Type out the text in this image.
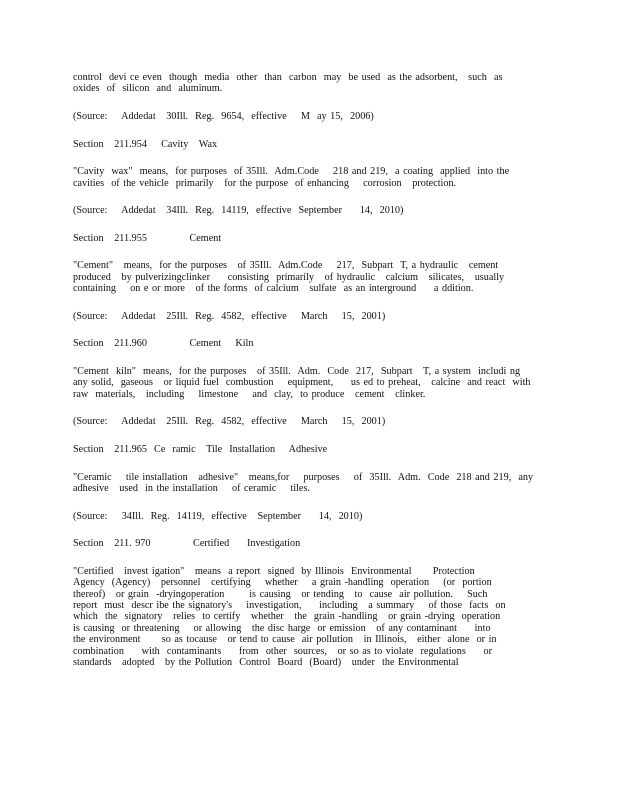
control  devi ce even  though  media  other  than  carbon  may  be used  as the adsorbent,   such  as
oxides  of  silicon  and  aluminum.
(Source:    Addedat   30Ill.  Reg.  9654,  effective    M  ay 15,  2006)
Section   211.954    Cavity   Wax
"Cavity  wax"  means,  for purposes  of 35Ill.  Adm.Code    218 and 219,  a coating  applied  into the
cavities  of the vehicle  primarily   for the purpose  of enhancing    corrosion   protection.
(Source:    Addedat   34Ill.  Reg.  14119,  effective  September     14,  2010)
Section   211.955            Cement
"Cement"   means,  for the purposes   of 35Ill.  Adm.Code    217,  Subpart  T, a hydraulic   cement
produced   by pulverizingclinker     consisting  primarily   of hydraulic   calcium   silicates,   usually
containing    on e or more   of the forms  of calcium   sulfate  as an interground     a ddition.
(Source:    Addedat   25Ill.  Reg.  4582,  effective    March    15,  2001)
Section   211.960            Cement    Kiln
"Cement  kiln"  means,  for the purposes   of 35Ill.  Adm.  Code  217,  Subpart   T, a system  includi ng
any solid,  gaseous   or liquid fuel  combustion    equipment,     us ed to preheat,   calcine  and react  with
raw  materials,   including    limestone    and  clay,  to produce   cement   clinker.
(Source:    Addedat   25Ill.  Reg.  4582,  effective    March    15,  2001)
Section   211.965  Ce  ramic   Tile  Installation    Adhesive
"Ceramic    tile installation   adhesive"   means,for    purposes    of  35Ill.  Adm.  Code  218 and 219,  any
adhesive   used  in the installation    of ceramic    tiles.
(Source:    34Ill.  Reg.  14119,  effective   September     14,  2010)
Section   211. 970            Certified     Investigation
"Certified   invest igation"   means  a report  signed  by Illinois  Environmental      Protection
Agency  (Agency)   personnel   certifying    whether    a grain -handling  operation    (or  portion
thereof)   or grain  -dryingoperation       is causing   or tending   to  cause  air pollution.    Such
report  must  descr ibe the signatory's    investigation,     including   a summary    of those  facts  on
which  the  signatory   relies  to certify   whether   the  grain -handling   or grain -drying  operation
is causing  or threatening    or allowing   the disc harge  or emission   of any contaminant     into
the environment      so as tocause   or tend to cause  air pollution   in Illinois,   either  alone  or in
combination     with  contaminants     from  other  sources,   or so as to violate  regulations     or
standards   adopted   by the Pollution  Control  Board  (Board)   under  the Environmental
